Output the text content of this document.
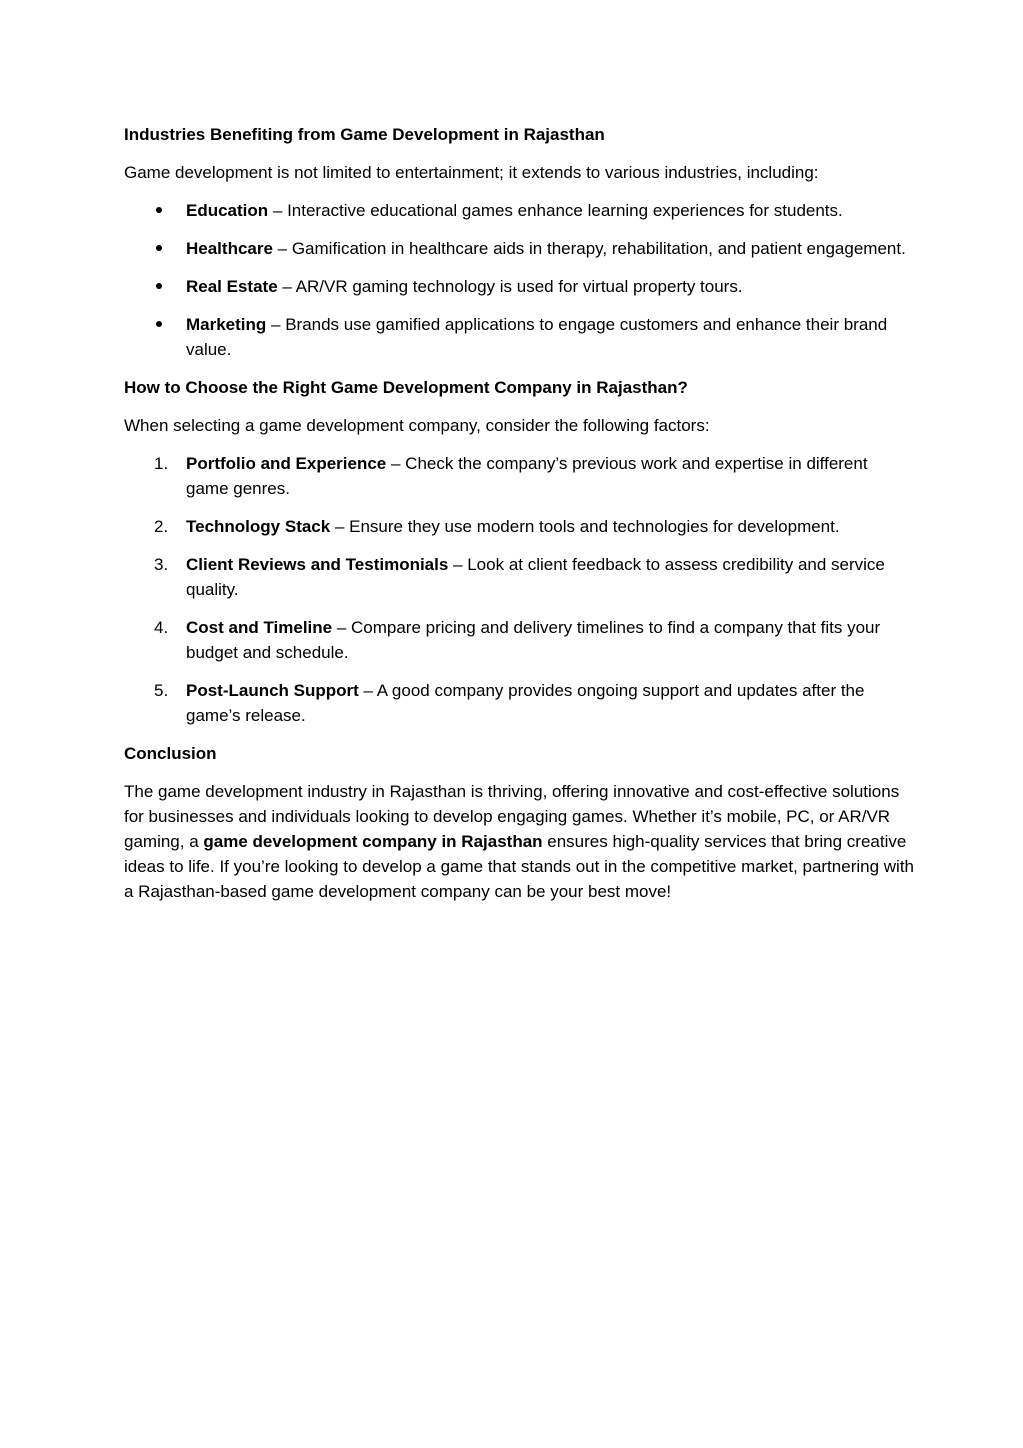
Industries Benefiting from Game Development in Rajasthan

Game development is not limited to entertainment; it extends to various industries, including:

Education – Interactive educational games enhance learning experiences for students.
Healthcare – Gamification in healthcare aids in therapy, rehabilitation, and patient engagement.
Real Estate – AR/VR gaming technology is used for virtual property tours.
Marketing – Brands use gamified applications to engage customers and enhance their brand value.

How to Choose the Right Game Development Company in Rajasthan?

When selecting a game development company, consider the following factors:

1.	Portfolio and Experience – Check the company’s previous work and expertise in different game genres.
2.	Technology Stack – Ensure they use modern tools and technologies for development.
3.	Client Reviews and Testimonials – Look at client feedback to assess credibility and service quality.
4.	Cost and Timeline – Compare pricing and delivery timelines to find a company that fits your budget and schedule.
5.	Post-Launch Support – A good company provides ongoing support and updates after the game’s release.

Conclusion

The game development industry in Rajasthan is thriving, offering innovative and cost-effective solutions for businesses and individuals looking to develop engaging games. Whether it’s mobile, PC, or AR/VR gaming, a game development company in Rajasthan ensures high-quality services that bring creative ideas to life. If you’re looking to develop a game that stands out in the competitive market, partnering with a Rajasthan-based game development company can be your best move!
